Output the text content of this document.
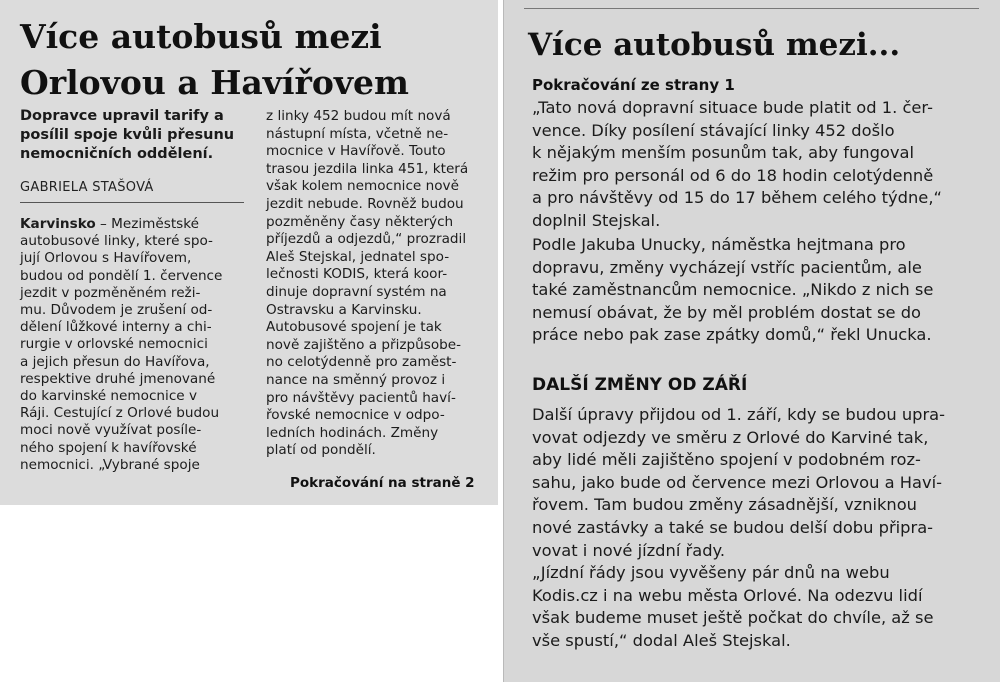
Více autobusů mezi
Orlovou a Havířovem
Dopravce upravil tarify a
posílil spoje kvůli přesunu
nemocničních oddělení.
GABRIELA STAŠOVÁ
Karvinsko – Meziměstské
autobusové linky, které spo-
jují Orlovou s Havířovem,
budou od pondělí 1. července
jezdit v pozměněném reži-
mu. Důvodem je zrušení od-
dělení lůžkové interny a chi-
rurgie v orlovské nemocnici
a jejich přesun do Havířova,
respektive druhé jmenované
do karvinské nemocnice v
Ráji. Cestující z Orlové budou
moci nově využívat posíle-
ného spojení k havířovské
nemocnici. „Vybrané spoje
z linky 452 budou mít nová
nástupní místa, včetně ne-
mocnice v Havířově. Touto
trasou jezdila linka 451, která
však kolem nemocnice nově
jezdit nebude. Rovněž budou
pozměněny časy některých
příjezdů a odjezdů,“ prozradil
Aleš Stejskal, jednatel spo-
lečnosti KODIS, která koor-
dinuje dopravní systém na
Ostravsku a Karvinsku.
Autobusové spojení je tak
nově zajištěno a přizpůsobe-
no celotýdenně pro zaměst-
nance na směnný provoz i
pro návštěvy pacientů haví-
řovské nemocnice v odpo-
ledních hodinách. Změny
platí od pondělí.
Pokračování na straně 2
Více autobusů mezi...
Pokračování ze strany 1
„Tato nová dopravní situace bude platit od 1. čer-
vence. Díky posílení stávající linky 452 došlo
k nějakým menším posunům tak, aby fungoval
režim pro personál od 6 do 18 hodin celotýdenně
a pro návštěvy od 15 do 17 během celého týdne,“
doplnil Stejskal.
Podle Jakuba Unucky, náměstka hejtmana pro
dopravu, změny vycházejí vstříc pacientům, ale
také zaměstnancům nemocnice. „Nikdo z nich se
nemusí obávat, že by měl problém dostat se do
práce nebo pak zase zpátky domů,“ řekl Unucka.
DALŠÍ ZMĚNY OD ZÁŘÍ
Další úpravy přijdou od 1. září, kdy se budou upra-
vovat odjezdy ve směru z Orlové do Karviné tak,
aby lidé měli zajištěno spojení v podobném roz-
sahu, jako bude od července mezi Orlovou a Haví-
řovem. Tam budou změny zásadnější, vzniknou
nové zastávky a také se budou delší dobu připra-
vovat i nové jízdní řady.
„Jízdní řády jsou vyvěšeny pár dnů na webu
Kodis.cz i na webu města Orlové. Na odezvu lidí
však budeme muset ještě počkat do chvíle, až se
vše spustí,“ dodal Aleš Stejskal.
